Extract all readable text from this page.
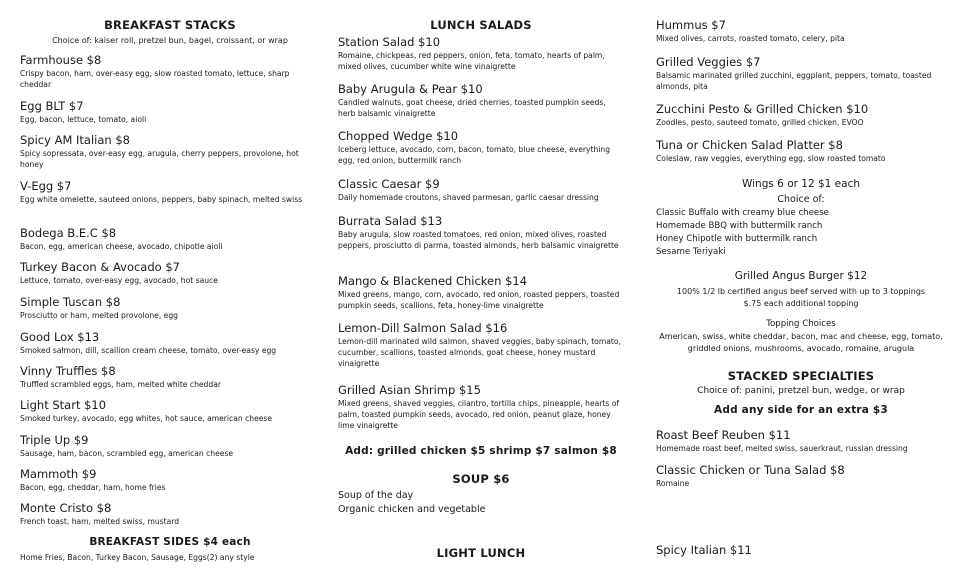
BREAKFAST STACKS
Choice of: kaiser roll, pretzel bun, bagel, croissant, or wrap
Farmhouse $8
Crispy bacon, ham, over-easy egg, slow roasted tomato, lettuce, sharp cheddar
Egg BLT $7
Egg, bacon, lettuce, tomato, aioli
Spicy AM Italian $8
Spicy sopressata, over-easy egg, arugula, cherry peppers, provolone, hot honey
V-Egg $7
Egg white omelette, sauteed onions, peppers, baby spinach, melted swiss
Bodega B.E.C $8
Bacon, egg, american cheese, avocado, chipotle aioli
Turkey Bacon & Avocado $7
Lettuce, tomato, over-easy egg, avocado, hot sauce
Simple Tuscan $8
Prosciutto or ham, melted provolone, egg
Good Lox $13
Smoked salmon, dill, scallion cream cheese, tomato, over-easy egg
Vinny Truffles $8
Truffled scrambled eggs, ham, melted white cheddar
Light Start $10
Smoked turkey, avocado, egg whites, hot sauce, american cheese
Triple Up $9
Sausage, ham, bacon, scrambled egg, american cheese
Mammoth $9
Bacon, egg, cheddar, ham, home fries
Monte Cristo $8
French toast, ham, melted swiss, mustard
BREAKFAST SIDES $4 each
Home Fries, Bacon, Turkey Bacon, Sausage, Eggs(2) any style
LUNCH SALADS
Station Salad $10
Romaine, chickpeas, red peppers, onion, feta, tomato, hearts of palm, mixed olives, cucumber white wine vinaigrette
Baby Arugula & Pear $10
Candied walnuts, goat cheese, dried cherries, toasted pumpkin seeds, herb balsamic vinaigrette
Chopped Wedge $10
Iceberg lettuce, avocado, corn, bacon, tomato, blue cheese, everything egg, red onion, buttermilk ranch
Classic Caesar $9
Daily homemade croutons, shaved parmesan, garlic caesar dressing
Burrata Salad $13
Baby arugula, slow roasted tomatoes, red onion, mixed olives, roasted peppers, prosciutto di parma, toasted almonds, herb balsamic vinaigrette
Mango & Blackened Chicken $14
Mixed greens, mango, corn, avocado, red onion, roasted peppers, toasted pumpkin seeds, scallions, feta, honey-lime vinaigrette
Lemon-Dill Salmon Salad $16
Lemon-dill marinated wild salmon, shaved veggies, baby spinach, tomato, cucumber, scallions, toasted almonds, goat cheese, honey mustard vinaigrette
Grilled Asian Shrimp $15
Mixed greens, shaved veggies, cilantro, tortilla chips, pineapple, hearts of palm, toasted pumpkin seeds, avocado, red onion, peanut glaze, honey lime vinaigrette
Add: grilled chicken $5 shrimp $7 salmon $8
SOUP $6
Soup of the day
Organic chicken and vegetable
LIGHT LUNCH
Hummus $7
Mixed olives, carrots, roasted tomato, celery, pita
Grilled Veggies $7
Balsamic marinated grilled zucchini, eggplant, peppers, tomato, toasted almonds, pita
Zucchini Pesto & Grilled Chicken $10
Zoodles, pesto, sauteed tomato, grilled chicken, EVOO
Tuna or Chicken Salad Platter $8
Coleslaw, raw veggies, everything egg, slow roasted tomato
Wings 6 or 12 $1 each
Choice of:
Classic Buffalo with creamy blue cheese
Homemade BBQ with buttermilk ranch
Honey Chipotle with buttermilk ranch
Sesame Teriyaki
Grilled Angus Burger $12
100% 1/2 lb certified angus beef served with up to 3 toppings
$.75 each additional topping
Topping Choices
American, swiss, white cheddar, bacon, mac and cheese, egg, tomato, griddled onions, mushrooms, avocado, romaine, arugula
STACKED SPECIALTIES
Choice of: panini, pretzel bun, wedge, or wrap
Add any side for an extra $3
Roast Beef Reuben $11
Homemade roast beef, melted swiss, sauerkraut, russian dressing
Classic Chicken or Tuna Salad $8
Romaine
Spicy Italian $11
